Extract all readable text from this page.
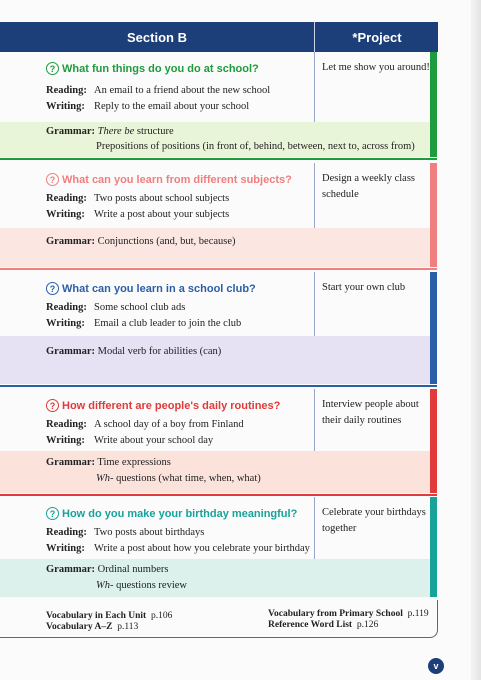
Section B	*Project
Let me show you around!
? What fun things do you do at school?
Reading: An email to a friend about the new school
Writing: Reply to the email about your school
Grammar: There be structure
Prepositions of positions (in front of, behind, between, next to, across from)
Design a weekly class schedule
? What can you learn from different subjects?
Reading: Two posts about school subjects
Writing: Write a post about your subjects
Grammar: Conjunctions (and, but, because)
Start your own club
? What can you learn in a school club?
Reading: Some school club ads
Writing: Email a club leader to join the club
Grammar: Modal verb for abilities (can)
Interview people about their daily routines
? How different are people's daily routines?
Reading: A school day of a boy from Finland
Writing: Write about your school day
Grammar: Time expressions
Wh- questions (what time, when, what)
Celebrate your birthdays together
? How do you make your birthday meaningful?
Reading: Two posts about birthdays
Writing: Write a post about how you celebrate your birthday
Grammar: Ordinal numbers
Wh- questions review
Vocabulary in Each Unit p.106
Vocabulary A–Z p.113
Vocabulary from Primary School p.119
Reference Word List p.126
v
